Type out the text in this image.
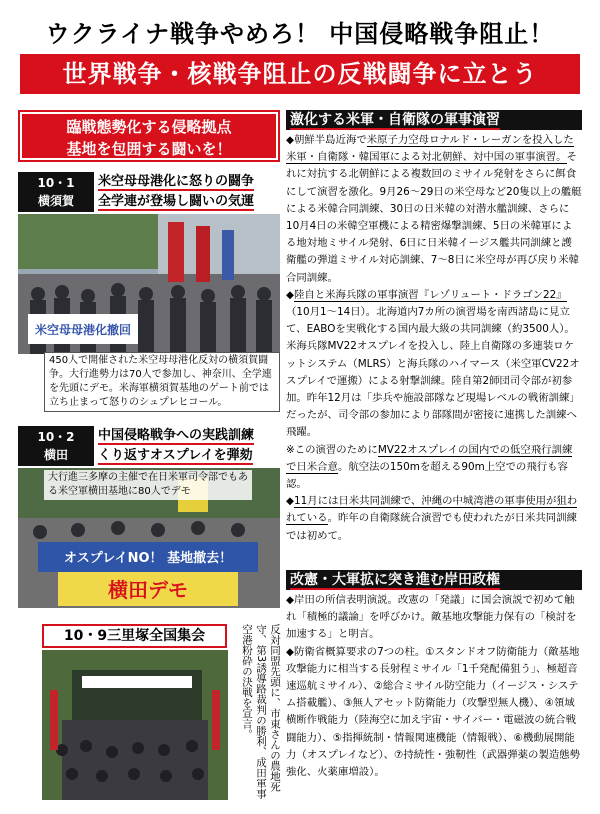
ウクライナ戦争やめろ！ 中国侵略戦争阻止！
世界戦争・核戦争阻止の反戦闘争に立とう
臨戦態勢化する侵略拠点
基地を包囲する闘いを！
10・1
横須賀
米空母母港化に怒りの闘争
全学連が登場し闘いの気運
米空母母港化撤回
450人で開催された米空母母港化反対の横須賀闘争。大行進勢力は70人で参加し、神奈川、全学連を先頭にデモ。米海軍横須賀基地のゲート前では立ち止まって怒りのシュプレヒコール。
10・2
横田
中国侵略戦争への実践訓練
くり返すオスプレイを弾劾
オスプレイNO！ 基地撤去！
横田デモ
大行進三多摩の主催で在日米軍司令部でもある米空軍横田基地に80人でデモ
10・9三里塚全国集会	反対同盟先頭に、市東さんの農地死守、第3誘導路裁判の勝利、成田軍事空港粉砕の決戦を宣言。
激化する米軍・自衛隊の軍事演習
◆朝鮮半島近海で米原子力空母ロナルド・レーガンを投入した米軍・自衛隊・韓国軍による対北朝鮮、対中国の軍事演習。それに対抗する北朝鮮による複数回のミサイル発射をさらに餌食にして演習を激化。9月26〜29日の米空母など20隻以上の艦艇による米韓合同訓練、30日の日米韓の対潜水艦訓練、さらに10月4日の米韓空軍機による精密爆撃訓練、5日の米韓軍による地対地ミサイル発射、6日に日米韓イージス艦共同訓練と護衛艦の弾道ミサイル対応訓練、7〜8日に米空母が再び戻り米韓合同訓練。
◆陸自と米海兵隊の軍事演習『レゾリュート・ドラゴン22』（10月1〜14日）。北海道内7カ所の演習場を南西諸島に見立て、EABOを実戦化する国内最大級の共同訓練（約3500人）。米海兵隊MV22オスプレイを投入し、陸上自衛隊の多連装ロケットシステム（MLRS）と海兵隊のハイマース（米空軍CV22オスプレイで運搬）による射撃訓練。陸自第2師団司令部が初参加。昨年12月は「歩兵や施設部隊など現場レベルの戦術訓練」だったが、司令部の参加により部隊間が密接に連携した訓練へ飛躍。
※この演習のためにMV22オスプレイの国内での低空飛行訓練で日米合意。航空法の150mを超える90m上空での飛行も容認。
◆11月には日米共同訓練で、沖縄の中城湾港の軍事使用が狙われている。昨年の自衛隊統合演習でも使われたが日米共同訓練では初めて。
改憲・大軍拡に突き進む岸田政権
◆岸田の所信表明演説。改憲の「発議」に国会演説で初めて触れ「積極的議論」を呼びかけ。敵基地攻撃能力保有の「検討を加速する」と明言。
◆防衛省概算要求の7つの柱。①スタンドオフ防衛能力（敵基地攻撃能力に相当する長射程ミサイル「1千発配備狙う」、極超音速巡航ミサイル）、②総合ミサイル防空能力（イージス・システム搭載艦）、③無人アセット防衛能力（攻撃型無人機）、④領域横断作戦能力（陸海空に加え宇宙・サイバー・電磁波の統合戦闘能力）、⑤指揮統制・情報関連機能（情報戦）、⑥機動展開能力（オスプレイなど）、⑦持続性・強靭性（武器弾薬の製造態勢強化、火薬庫増設）。
